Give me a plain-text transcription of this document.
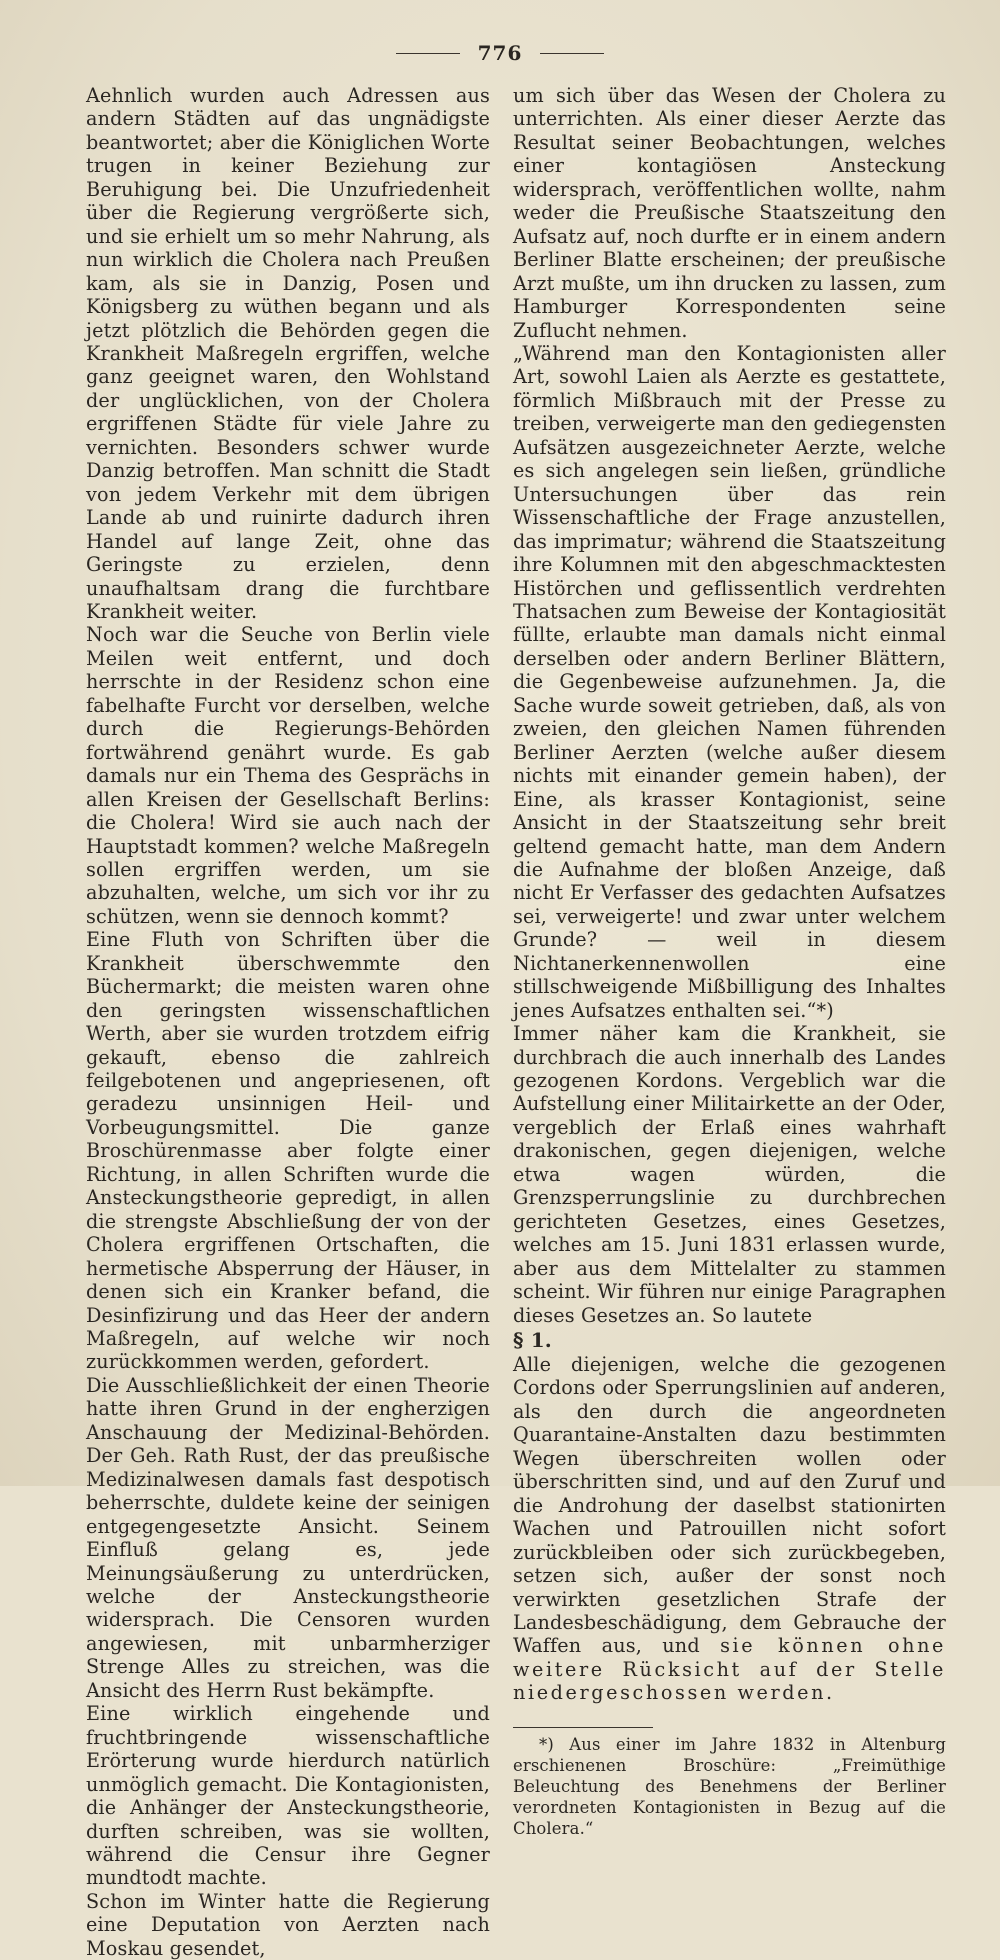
776

Aehnlich wurden auch Adressen aus andern Städten auf das ungnädigste beantwortet; aber die Königlichen Worte trugen in keiner Beziehung zur Beruhigung bei. Die Unzufriedenheit über die Regierung vergrößerte sich, und sie erhielt um so mehr Nahrung, als nun wirklich die Cholera nach Preußen kam, als sie in Danzig, Posen und Königsberg zu wüthen begann und als jetzt plötzlich die Behörden gegen die Krankheit Maßregeln ergriffen, welche ganz geeignet waren, den Wohlstand der unglücklichen, von der Cholera ergriffenen Städte für viele Jahre zu vernichten. Besonders schwer wurde Danzig betroffen. Man schnitt die Stadt von jedem Verkehr mit dem übrigen Lande ab und ruinirte dadurch ihren Handel auf lange Zeit, ohne das Geringste zu erzielen, denn unaufhaltsam drang die furchtbare Krankheit weiter.

Noch war die Seuche von Berlin viele Meilen weit entfernt, und doch herrschte in der Residenz schon eine fabelhafte Furcht vor derselben, welche durch die Regierungs-Behörden fortwährend genährt wurde. Es gab damals nur ein Thema des Gesprächs in allen Kreisen der Gesellschaft Berlins: die Cholera! Wird sie auch nach der Hauptstadt kommen? welche Maßregeln sollen ergriffen werden, um sie abzuhalten, welche, um sich vor ihr zu schützen, wenn sie dennoch kommt?

Eine Fluth von Schriften über die Krankheit überschwemmte den Büchermarkt; die meisten waren ohne den geringsten wissenschaftlichen Werth, aber sie wurden trotzdem eifrig gekauft, ebenso die zahlreich feilgebotenen und angepriesenen, oft geradezu unsinnigen Heil- und Vorbeugungsmittel. Die ganze Broschürenmasse aber folgte einer Richtung, in allen Schriften wurde die Ansteckungstheorie gepredigt, in allen die strengste Abschließung der von der Cholera ergriffenen Ortschaften, die hermetische Absperrung der Häuser, in denen sich ein Kranker befand, die Desinfizirung und das Heer der andern Maßregeln, auf welche wir noch zurückkommen werden, gefordert.

Die Ausschließlichkeit der einen Theorie hatte ihren Grund in der engherzigen Anschauung der Medizinal-Behörden. Der Geh. Rath Rust, der das preußische Medizinalwesen damals fast despotisch beherrschte, duldete keine der seinigen entgegengesetzte Ansicht. Seinem Einfluß gelang es, jede Meinungsäußerung zu unterdrücken, welche der Ansteckungstheorie widersprach. Die Censoren wurden angewiesen, mit unbarmherziger Strenge Alles zu streichen, was die Ansicht des Herrn Rust bekämpfte.

Eine wirklich eingehende und fruchtbringende wissenschaftliche Erörterung wurde hierdurch natürlich unmöglich gemacht. Die Kontagionisten, die Anhänger der Ansteckungstheorie, durften schreiben, was sie wollten, während die Censur ihre Gegner mundtodt machte.

Schon im Winter hatte die Regierung eine Deputation von Aerzten nach Moskau gesendet,

um sich über das Wesen der Cholera zu unterrichten. Als einer dieser Aerzte das Resultat seiner Beobachtungen, welches einer kontagiösen Ansteckung widersprach, veröffentlichen wollte, nahm weder die Preußische Staatszeitung den Aufsatz auf, noch durfte er in einem andern Berliner Blatte erscheinen; der preußische Arzt mußte, um ihn drucken zu lassen, zum Hamburger Korrespondenten seine Zuflucht nehmen.

„Während man den Kontagionisten aller Art, sowohl Laien als Aerzte es gestattete, förmlich Mißbrauch mit der Presse zu treiben, verweigerte man den gediegensten Aufsätzen ausgezeichneter Aerzte, welche es sich angelegen sein ließen, gründliche Untersuchungen über das rein Wissenschaftliche der Frage anzustellen, das imprimatur; während die Staatszeitung ihre Kolumnen mit den abgeschmacktesten Histörchen und geflissentlich verdrehten Thatsachen zum Beweise der Kontagiosität füllte, erlaubte man damals nicht einmal derselben oder andern Berliner Blättern, die Gegenbeweise aufzunehmen. Ja, die Sache wurde soweit getrieben, daß, als von zweien, den gleichen Namen führenden Berliner Aerzten (welche außer diesem nichts mit einander gemein haben), der Eine, als krasser Kontagionist, seine Ansicht in der Staatszeitung sehr breit geltend gemacht hatte, man dem Andern die Aufnahme der bloßen Anzeige, daß nicht Er Verfasser des gedachten Aufsatzes sei, verweigerte! und zwar unter welchem Grunde? — weil in diesem Nichtanerkennenwollen eine stillschweigende Mißbilligung des Inhaltes jenes Aufsatzes enthalten sei.“*)

Immer näher kam die Krankheit, sie durchbrach die auch innerhalb des Landes gezogenen Kordons. Vergeblich war die Aufstellung einer Militairkette an der Oder, vergeblich der Erlaß eines wahrhaft drakonischen, gegen diejenigen, welche etwa wagen würden, die Grenzsperrungslinie zu durchbrechen gerichteten Gesetzes, eines Gesetzes, welches am 15. Juni 1831 erlassen wurde, aber aus dem Mittelalter zu stammen scheint. Wir führen nur einige Paragraphen dieses Gesetzes an. So lautete

§ 1.

Alle diejenigen, welche die gezogenen Cordons oder Sperrungslinien auf anderen, als den durch die angeordneten Quarantaine-Anstalten dazu bestimmten Wegen überschreiten wollen oder überschritten sind, und auf den Zuruf und die Androhung der daselbst stationirten Wachen und Patrouillen nicht sofort zurückbleiben oder sich zurückbegeben, setzen sich, außer der sonst noch verwirkten gesetzlichen Strafe der Landesbeschädigung, dem Gebrauche der Waffen aus, und sie können ohne weitere Rücksicht auf der Stelle niedergeschossen werden.

*) Aus einer im Jahre 1832 in Altenburg erschienenen Broschüre: „Freimüthige Beleuchtung des Benehmens der Berliner verordneten Kontagionisten in Bezug auf die Cholera.“
